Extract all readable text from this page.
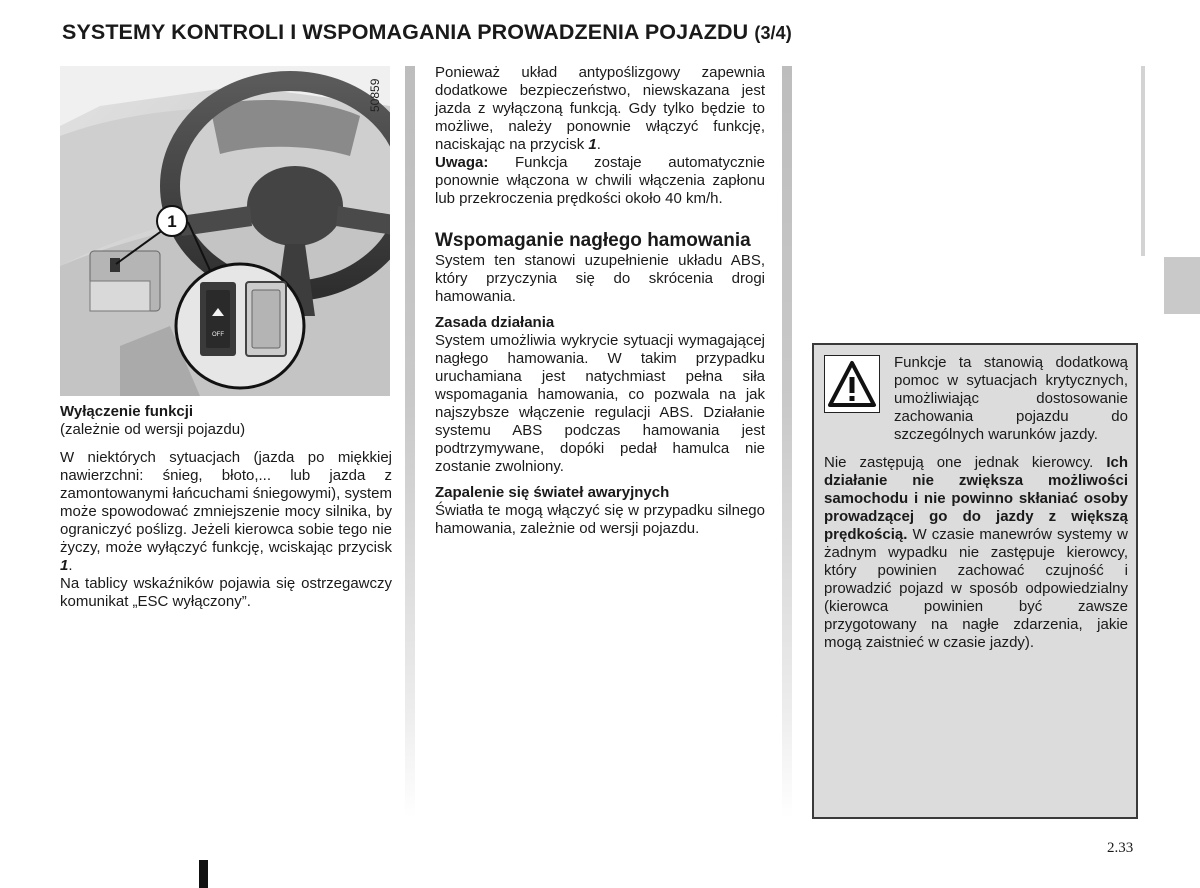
SYSTEMY KONTROLI I WSPOMAGANIA PROWADZENIA POJAZDU (3/4)
1
OFF
50859

Wyłączenie funkcji

(zależnie od wersji pojazdu)

W niektórych sytuacjach (jazda po miękkiej nawierzchni: śnieg, błoto,... lub jazda z zamontowanymi łańcuchami śniegowymi), system może spowodować zmniejszenie mocy silnika, by ograniczyć poślizg. Jeżeli kierowca sobie tego nie życzy, może wyłączyć funkcję, wciskając przycisk 1.

Na tablicy wskaźników pojawia się ostrzegawczy komunikat „ESC wyłączony”.

Ponieważ układ antypoślizgowy zapewnia dodatkowe bezpieczeństwo, niewskazana jest jazda z wyłączoną funkcją. Gdy tylko będzie to możliwe, należy ponownie włączyć funkcję, naciskając na przycisk 1.

Uwaga: Funkcja zostaje automatycznie ponownie włączona w chwili włączenia zapłonu lub przekroczenia prędkości około 40 km/h.

Wspomaganie nagłego hamowania

System ten stanowi uzupełnienie układu ABS, który przyczynia się do skrócenia drogi hamowania.

Zasada działania

System umożliwia wykrycie sytuacji wymagającej nagłego hamowania. W takim przypadku uruchamiana jest natychmiast pełna siła wspomagania hamowania, co pozwala na jak najszybsze włączenie regulacji ABS. Działanie systemu ABS podczas hamowania jest podtrzymywane, dopóki pedał hamulca nie zostanie zwolniony.

Zapalenie się świateł awaryjnych

Światła te mogą włączyć się w przypadku silnego hamowania, zależnie od wersji pojazdu.

Funkcje ta stanowią dodatkową pomoc w sytuacjach krytycznych, umożliwiając dostosowanie zachowania pojazdu do szczególnych warunków jazdy.

Nie zastępują one jednak kierowcy. Ich działanie nie zwiększa możliwości samochodu i nie powinno skłaniać osoby prowadzącej go do jazdy z większą prędkością. W czasie manewrów systemy w żadnym wypadku nie zastępuje kierowcy, który powinien zachować czujność i prowadzić pojazd w sposób odpowiedzialny (kierowca powinien być zawsze przygotowany na nagłe zdarzenia, jakie mogą zaistnieć w czasie jazdy).

2.33
